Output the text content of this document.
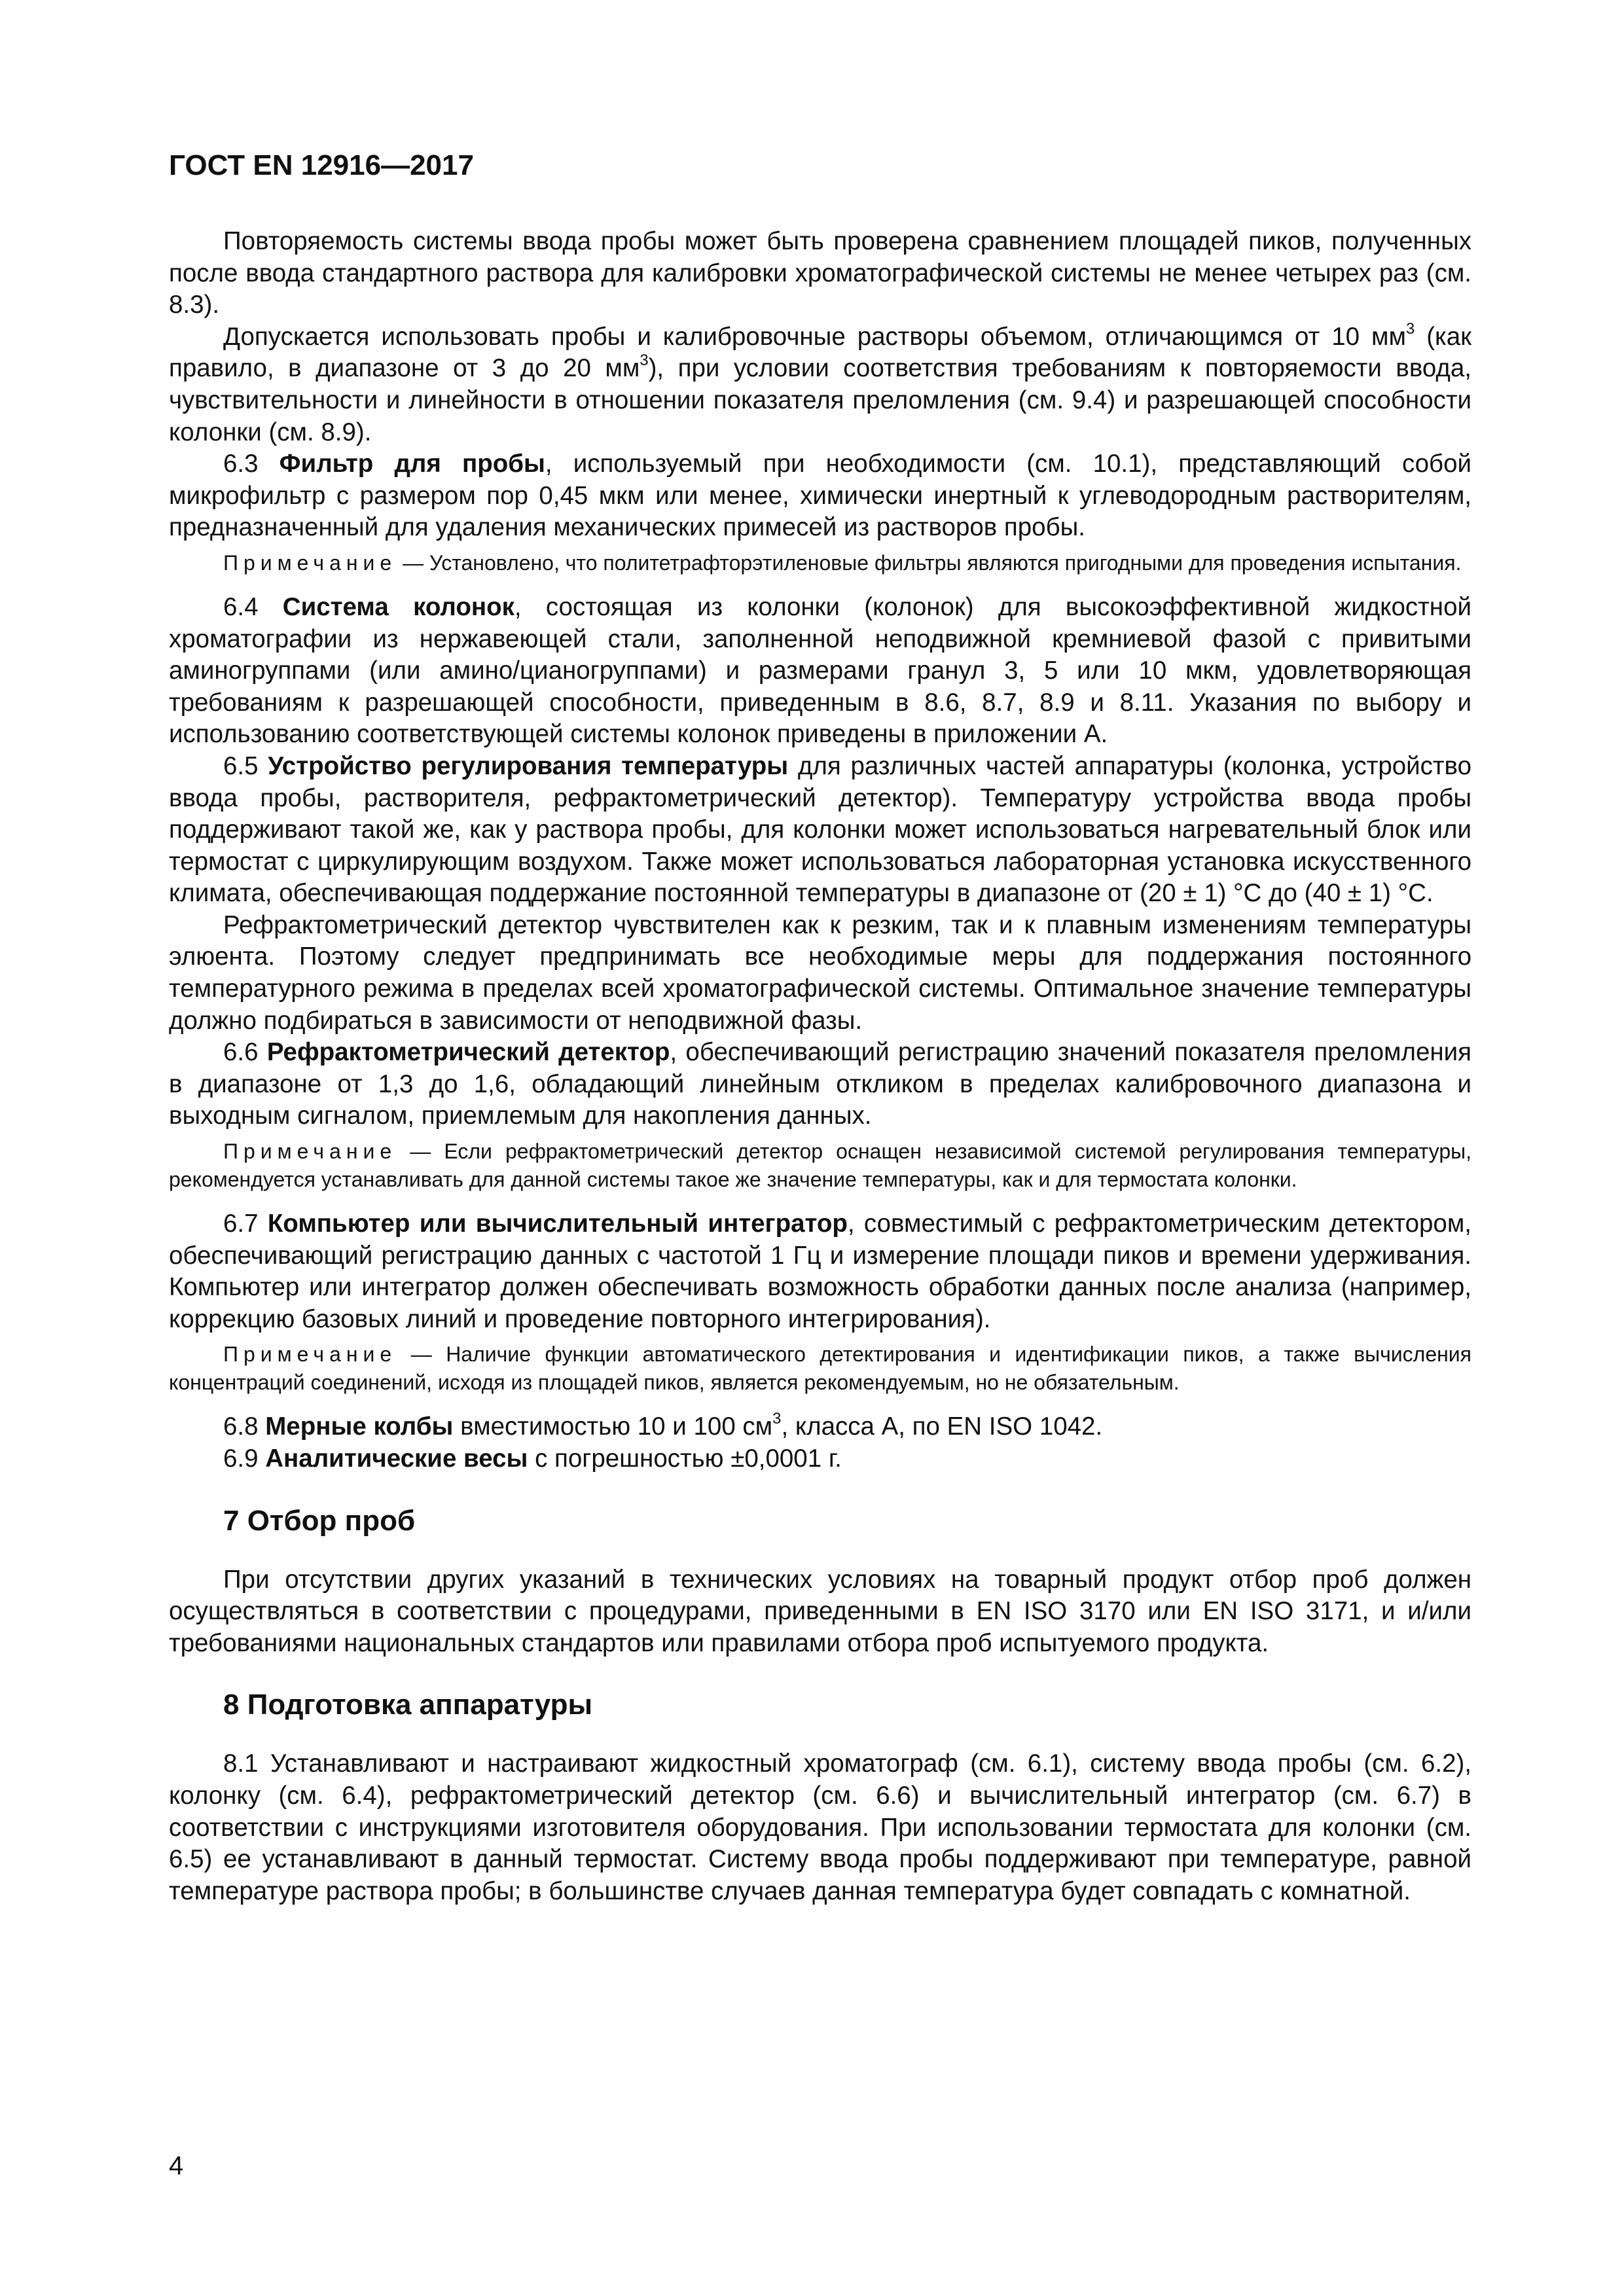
ГОСТ EN 12916—2017

Повторяемость системы ввода пробы может быть проверена сравнением площадей пиков, полученных после ввода стандартного раствора для калибровки хроматографической системы не менее четырех раз (см. 8.3).

Допускается использовать пробы и калибровочные растворы объемом, отличающимся от 10 $мм^3$ (как правило, в диапазоне от 3 до 20 $мм^3$), при условии соответствия требованиям к повторяемости ввода, чувствительности и линейности в отношении показателя преломления (см. 9.4) и разрешающей способности колонки (см. 8.9).

6.3 Фильтр для пробы, используемый при необходимости (см. 10.1), представляющий собой микрофильтр с размером пор 0,45 мкм или менее, химически инертный к углеводородным растворителям, предназначенный для удаления механических примесей из растворов пробы.

Примечание — Установлено, что политетрафторэтиленовые фильтры являются пригодными для проведения испытания.

6.4 Система колонок, состоящая из колонки (колонок) для высокоэффективной жидкостной хроматографии из нержавеющей стали, заполненной неподвижной кремниевой фазой с привитыми аминогруппами (или амино/цианогруппами) и размерами гранул 3, 5 или 10 мкм, удовлетворяющая требованиям к разрешающей способности, приведенным в 8.6, 8.7, 8.9 и 8.11. Указания по выбору и использованию соответствующей системы колонок приведены в приложении А.

6.5 Устройство регулирования температуры для различных частей аппаратуры (колонка, устройство ввода пробы, растворителя, рефрактометрический детектор). Температуру устройства ввода пробы поддерживают такой же, как у раствора пробы, для колонки может использоваться нагревательный блок или термостат с циркулирующим воздухом. Также может использоваться лабораторная установка искусственного климата, обеспечивающая поддержание постоянной температуры в диапазоне от (20 ± 1) °С до (40 ± 1) °С.

Рефрактометрический детектор чувствителен как к резким, так и к плавным изменениям температуры элюента. Поэтому следует предпринимать все необходимые меры для поддержания постоянного температурного режима в пределах всей хроматографической системы. Оптимальное значение температуры должно подбираться в зависимости от неподвижной фазы.

6.6 Рефрактометрический детектор, обеспечивающий регистрацию значений показателя преломления в диапазоне от 1,3 до 1,6, обладающий линейным откликом в пределах калибровочного диапазона и выходным сигналом, приемлемым для накопления данных.

Примечание — Если рефрактометрический детектор оснащен независимой системой регулирования температуры, рекомендуется устанавливать для данной системы такое же значение температуры, как и для термостата колонки.

6.7 Компьютер или вычислительный интегратор, совместимый с рефрактометрическим детектором, обеспечивающий регистрацию данных с частотой 1 Гц и измерение площади пиков и времени удерживания. Компьютер или интегратор должен обеспечивать возможность обработки данных после анализа (например, коррекцию базовых линий и проведение повторного интегрирования).

Примечание — Наличие функции автоматического детектирования и идентификации пиков, а также вычисления концентраций соединений, исходя из площадей пиков, является рекомендуемым, но не обязательным.

6.8 Мерные колбы вместимостью 10 и 100 $см^3$, класса А, по EN ISO 1042.

6.9 Аналитические весы с погрешностью ±0,0001 г.

7 Отбор проб

При отсутствии других указаний в технических условиях на товарный продукт отбор проб должен осуществляться в соответствии с процедурами, приведенными в EN ISO 3170 или EN ISO 3171, и и/или требованиями национальных стандартов или правилами отбора проб испытуемого продукта.

8 Подготовка аппаратуры

8.1 Устанавливают и настраивают жидкостный хроматограф (см. 6.1), систему ввода пробы (см. 6.2), колонку (см. 6.4), рефрактометрический детектор (см. 6.6) и вычислительный интегратор (см. 6.7) в соответствии с инструкциями изготовителя оборудования. При использовании термостата для колонки (см. 6.5) ее устанавливают в данный термостат. Систему ввода пробы поддерживают при температуре, равной температуре раствора пробы; в большинстве случаев данная температура будет совпадать с комнатной.

4
